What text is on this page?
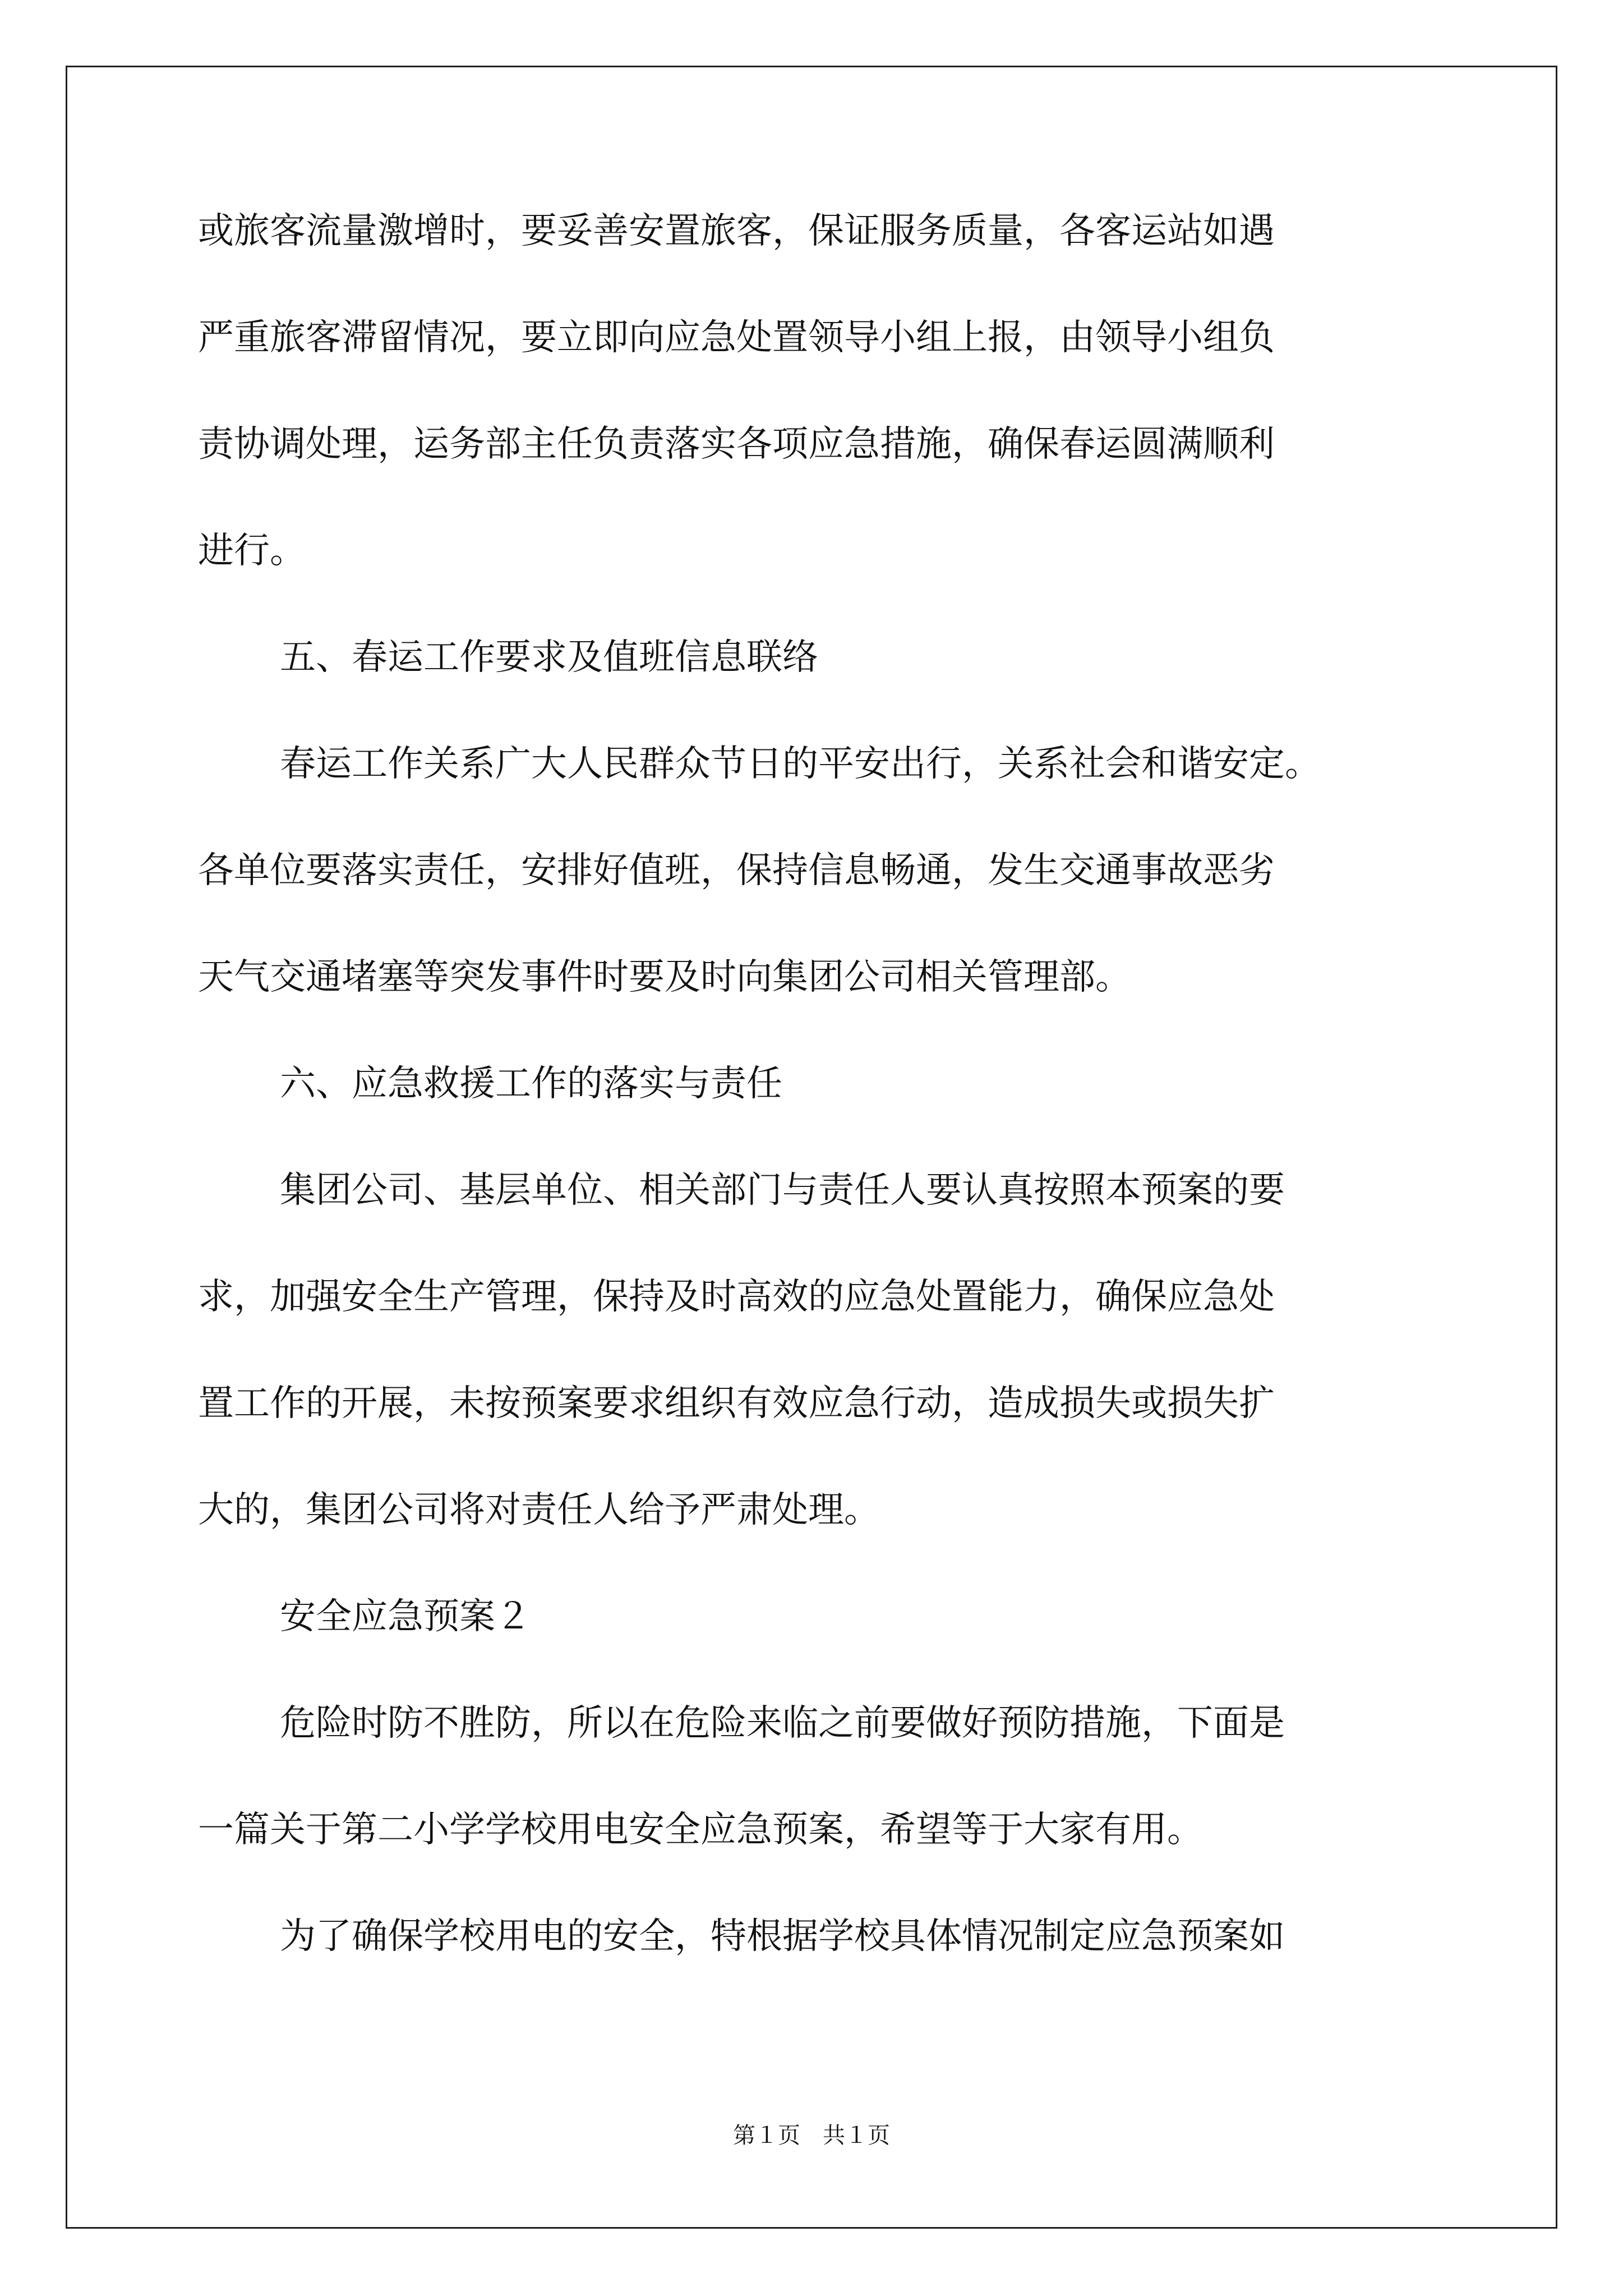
或旅客流量激增时，要妥善安置旅客，保证服务质量，各客运站如遇
严重旅客滞留情况，要立即向应急处置领导小组上报，由领导小组负
责协调处理，运务部主任负责落实各项应急措施，确保春运圆满顺利
进行。
五、春运工作要求及值班信息联络
春运工作关系广大人民群众节日的平安出行，关系社会和谐安定。
各单位要落实责任，安排好值班，保持信息畅通，发生交通事故恶劣
天气交通堵塞等突发事件时要及时向集团公司相关管理部。
六、应急救援工作的落实与责任
集团公司、基层单位、相关部门与责任人要认真按照本预案的要
求，加强安全生产管理，保持及时高效的应急处置能力，确保应急处
置工作的开展，未按预案要求组织有效应急行动，造成损失或损失扩
大的，集团公司将对责任人给予严肃处理。
安全应急预案２
危险时防不胜防，所以在危险来临之前要做好预防措施，下面是
一篇关于第二小学学校用电安全应急预案，希望等于大家有用。
为了确保学校用电的安全，特根据学校具体情况制定应急预案如
第１页　共１页
